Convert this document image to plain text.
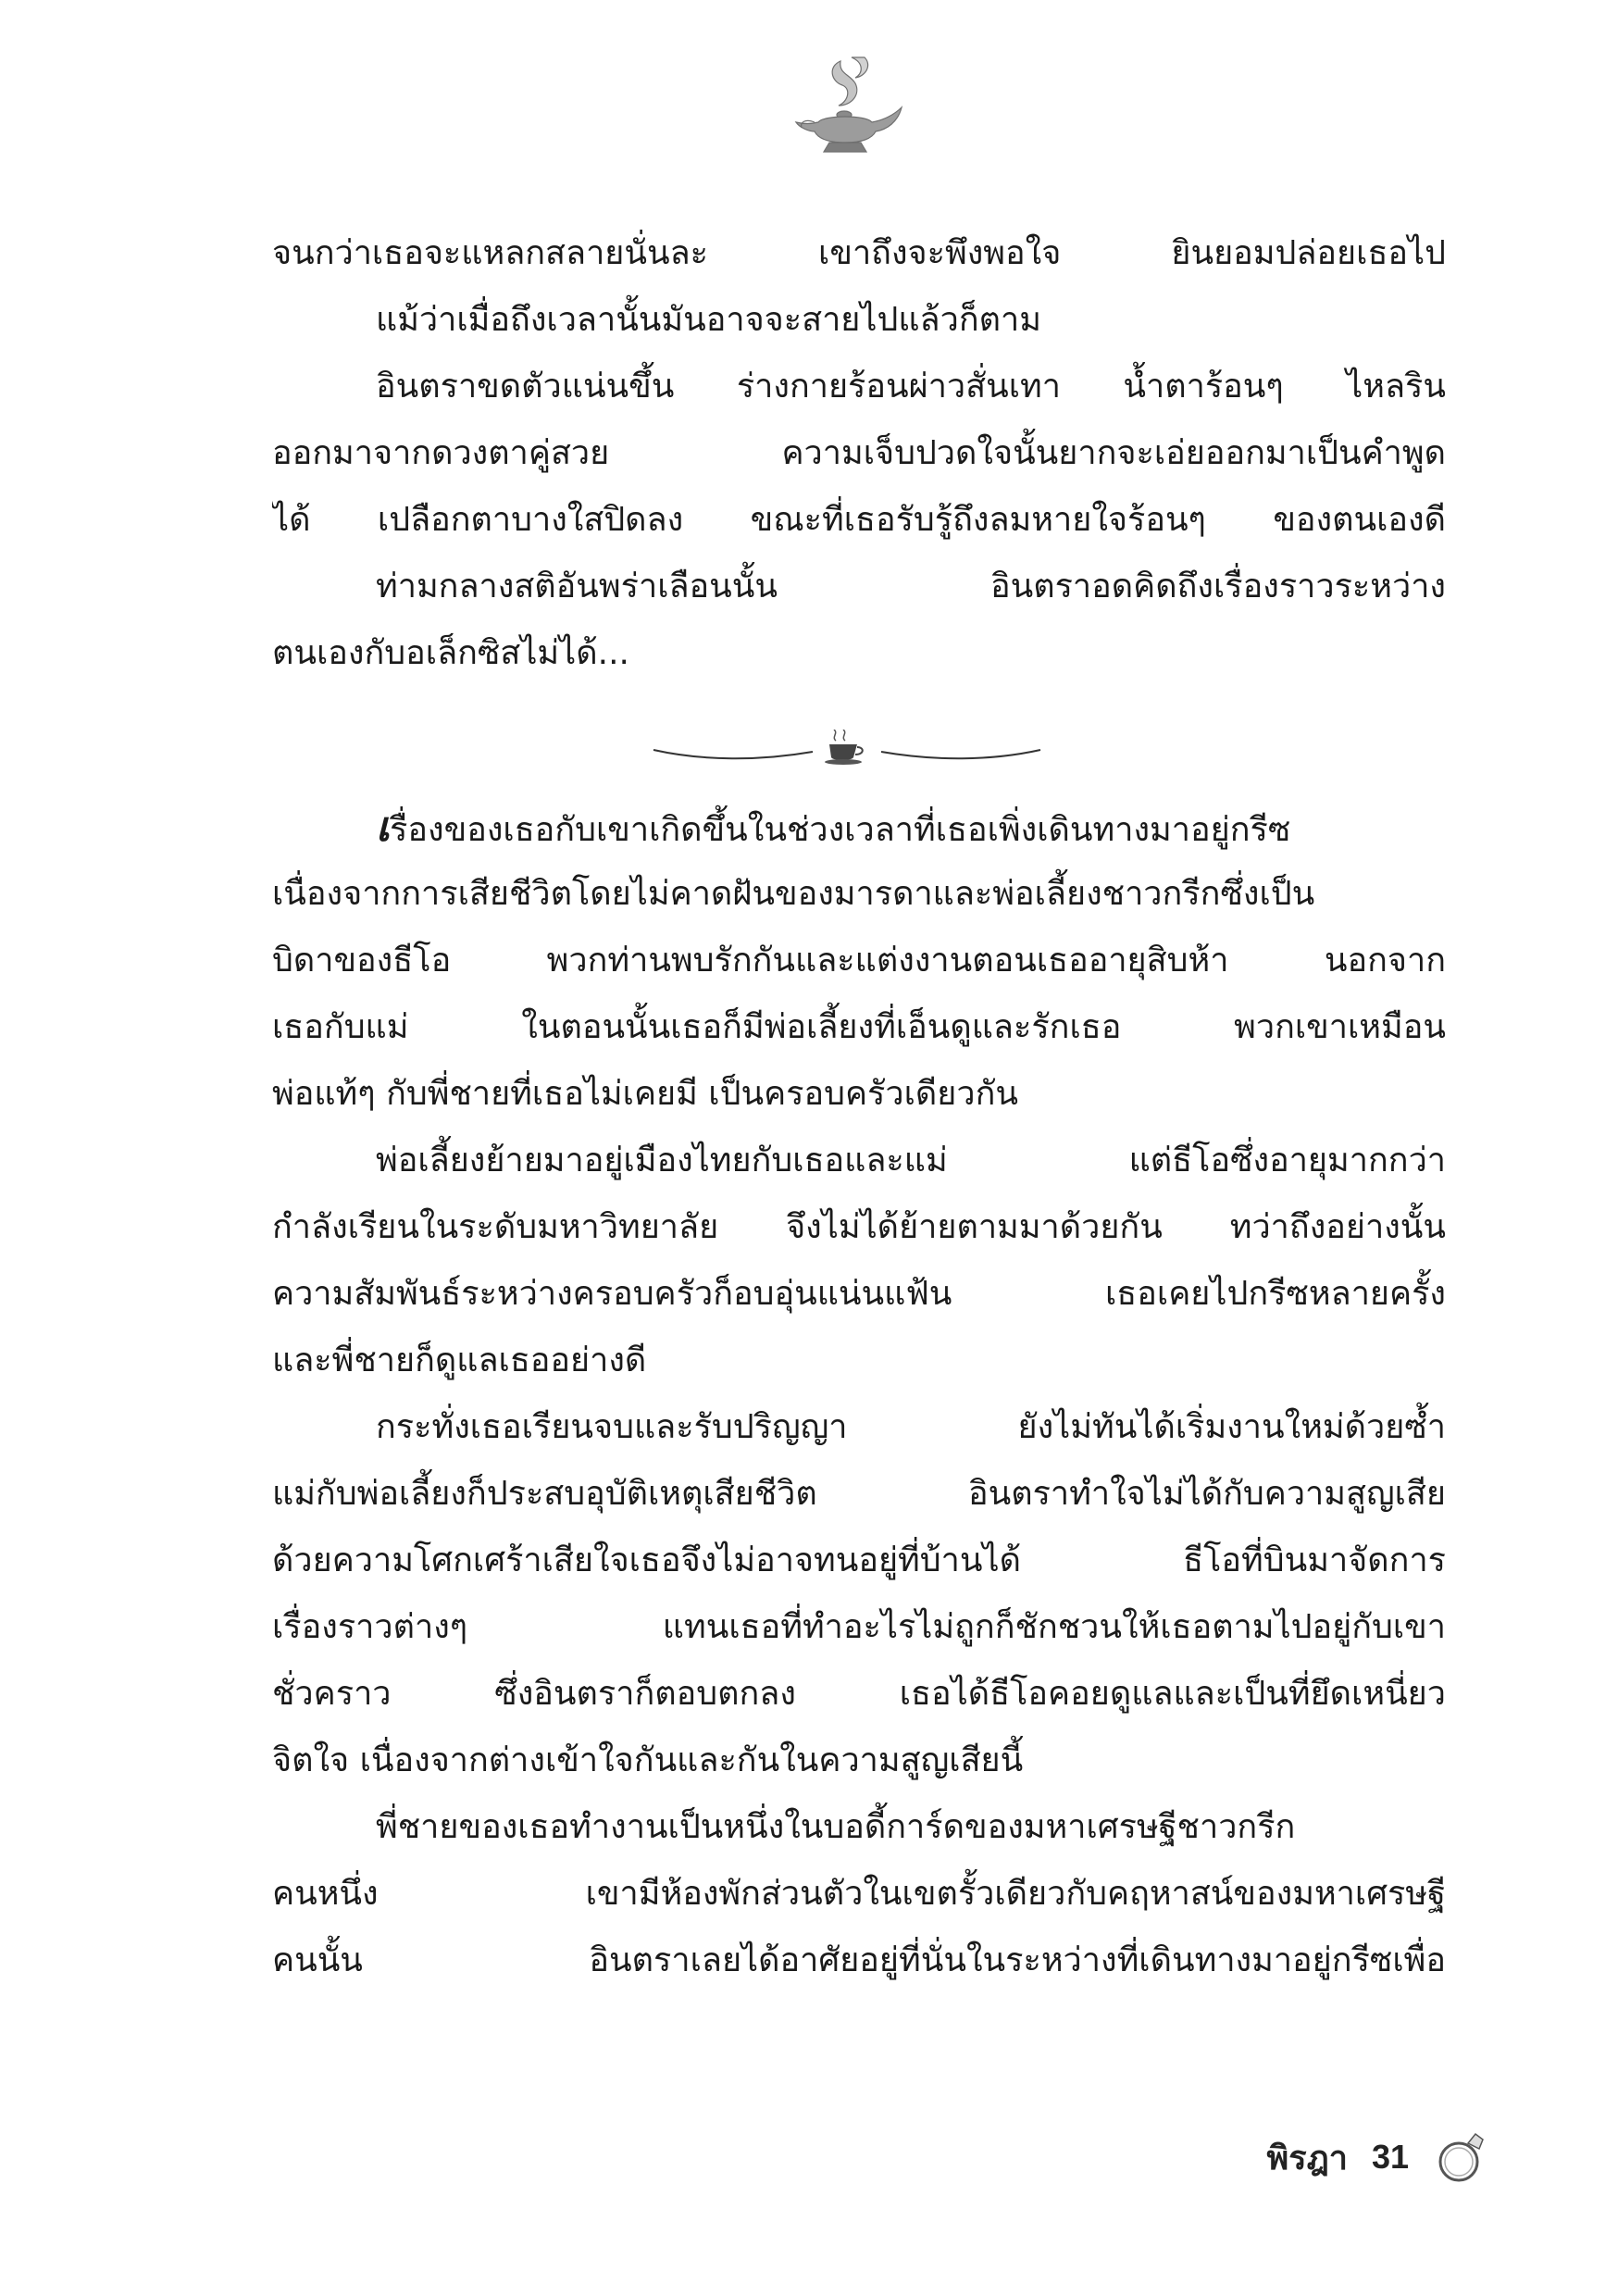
จนกว่าเธอจะแหลกสลายนั่นละ เขาถึงจะพึงพอใจ ยินยอมปล่อยเธอไป
แม้ว่าเมื่อถึงเวลานั้นมันอาจจะสายไปแล้วก็ตาม
อินตราขดตัวแน่นขึ้น ร่างกายร้อนผ่าวสั่นเทา น้ำตาร้อนๆ ไหลริน
ออกมาจากดวงตาคู่สวย ความเจ็บปวดใจนั้นยากจะเอ่ยออกมาเป็นคำพูด
ได้ เปลือกตาบางใสปิดลง ขณะที่เธอรับรู้ถึงลมหายใจร้อนๆ ของตนเองดี
ท่ามกลางสติอันพร่าเลือนนั้น อินตราอดคิดถึงเรื่องราวระหว่าง
ตนเองกับอเล็กซิสไม่ได้...
เรื่องของเธอกับเขาเกิดขึ้นในช่วงเวลาที่เธอเพิ่งเดินทางมาอยู่กรีซ
เนื่องจากการเสียชีวิตโดยไม่คาดฝันของมารดาและพ่อเลี้ยงชาวกรีกซึ่งเป็น
บิดาของธีโอ พวกท่านพบรักกันและแต่งงานตอนเธออายุสิบห้า นอกจาก
เธอกับแม่ ในตอนนั้นเธอก็มีพ่อเลี้ยงที่เอ็นดูและรักเธอ พวกเขาเหมือน
พ่อแท้ๆ กับพี่ชายที่เธอไม่เคยมี เป็นครอบครัวเดียวกัน
พ่อเลี้ยงย้ายมาอยู่เมืองไทยกับเธอและแม่ แต่ธีโอซึ่งอายุมากกว่า
กำลังเรียนในระดับมหาวิทยาลัย จึงไม่ได้ย้ายตามมาด้วยกัน ทว่าถึงอย่างนั้น
ความสัมพันธ์ระหว่างครอบครัวก็อบอุ่นแน่นแฟ้น เธอเคยไปกรีซหลายครั้ง
และพี่ชายก็ดูแลเธออย่างดี
กระทั่งเธอเรียนจบและรับปริญญา ยังไม่ทันได้เริ่มงานใหม่ด้วยซ้ำ
แม่กับพ่อเลี้ยงก็ประสบอุบัติเหตุเสียชีวิต อินตราทำใจไม่ได้กับความสูญเสีย
ด้วยความโศกเศร้าเสียใจเธอจึงไม่อาจทนอยู่ที่บ้านได้ ธีโอที่บินมาจัดการ
เรื่องราวต่างๆ แทนเธอที่ทำอะไรไม่ถูกก็ชักชวนให้เธอตามไปอยู่กับเขา
ชั่วคราว ซึ่งอินตราก็ตอบตกลง เธอได้ธีโอคอยดูแลและเป็นที่ยึดเหนี่ยว
จิตใจ เนื่องจากต่างเข้าใจกันและกันในความสูญเสียนี้
พี่ชายของเธอทำงานเป็นหนึ่งในบอดี้การ์ดของมหาเศรษฐีชาวกรีก
คนหนึ่ง เขามีห้องพักส่วนตัวในเขตรั้วเดียวกับคฤหาสน์ของมหาเศรษฐี
คนนั้น อินตราเลยได้อาศัยอยู่ที่นั่นในระหว่างที่เดินทางมาอยู่กรีซเพื่อ
พิรฎา 31
